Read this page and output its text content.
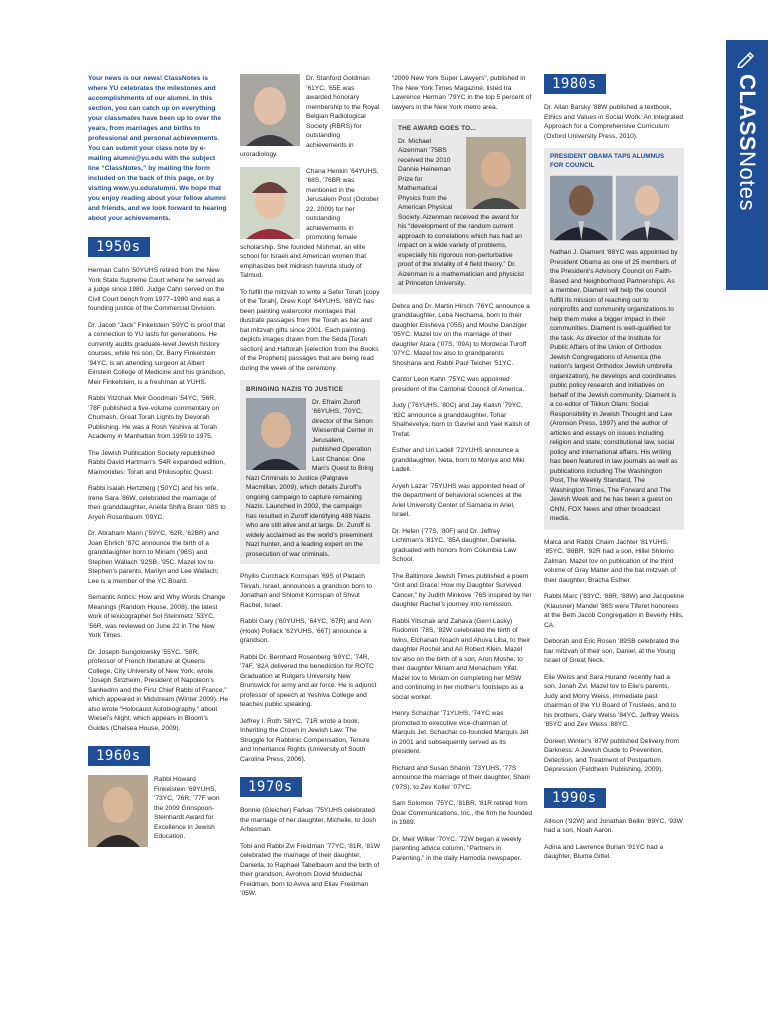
CLASSNotes

Your news is our news! ClassNotes is where YU celebrates the milestones and accomplishments of our alumni. In this section, you can catch up on everything your classmates have been up to over the years, from marriages and births to professional and personal achievements. You can submit your class note by e-mailing alumni@yu.edu with the subject line “ClassNotes,” by mailing the form included on the back of this page, or by visiting www.yu.edu/alumni. We hope that you enjoy reading about your fellow alumni and friends, and we look forward to hearing about your achievements.

1950s

Herman Cahn ’50YUHS retired from the New York State Supreme Court where he served as a judge since 1980. Judge Cahn served on the Civil Court bench from 1977–1980 and was a founding justice of the Commercial Division.

Dr. Jacob “Jack” Finkelstein ’59YC is proof that a connection to YU lasts for generations. He currently audits graduate-level Jewish history courses, while his son, Dr. Barry Finkelstein ’94YC, is an attending surgeon at Albert Einstein College of Medicine and his grandson, Meir Finkelstein, is a freshman at YUHS.

Rabbi Yitzchak Meir Goodman ’54YC, ’56R, ’78F published a five-volume commentary on Chumash, Great Torah Lights by Devorah Publishing. He was a Rosh Yeshiva at Torah Academy in Manhattan from 1959 to 1975.

The Jewish Publication Society republished Rabbi David Hartman’s ’54R expanded edition, Maimonides: Torah and Philosophic Quest.

Rabbi Isaiah Hertzberg (’50YC) and his wife, Irene Sara ’86W, celebrated the marriage of their granddaughter, Ariella Shifra Bram ’08S to Aryeh Rosenbaum ’09YC.

Dr. Abraham Mann (’59YC, ’62R, ’62BR) and Joan Ehrlich ’87C announce the birth of a granddaughter born to Miriam (’96S) and Stephen Wallach ’92SB, ’95C. Mazel tov to Stephen’s parents, Marilyn and Lee Wallach; Lee is a member of the YC Board.

Semantic Antics: How and Why Words Change Meanings (Random House, 2008), the latest work of lexicographer Sol Steinmetz ’53YC, ’56R, was reviewed on June 22 in The New York Times.

Dr. Joseph Sungolowsky ’55YC, ’58R, professor of French literature at Queens College, City University of New York, wrote “Joseph Sinzheim, President of Napoleon’s Sanhedrin and the First Chief Rabbi of France,” which appeared in Midstream (Winter 2009). He also wrote “Holocaust Autobiography,” about Wiesel’s Night, which appears in Bloom’s Guides (Chelsea House, 2009).

1960s

Rabbi Howard Finkelstein ’69YUHS, ’73YC, ’76R, ’77F won the 2009 Grinspoon-Steinhardt Award for Excellence in Jewish Education.

Dr. Stanford Goldman ’61YC, ’65E was awarded honorary membership to the Royal Belgian Radiological Society (RBRS) for outstanding achievements in uroradiology.

Chana Henkin ’64YUHS, ’68S, ’76BR was mentioned in the Jerusalem Post (October 22, 2009) for her outstanding achievements in promoting female scholarship. She founded Nishmat, an elite school for Israeli and American women that emphasizes beit midrash havruta study of Talmud.

To fulfill the mitzvah to write a Sefer Torah [copy of the Torah], Drew Kopf ’64YUHS, ’68YC has been painting watercolor montages that illustrate passages from the Torah as bar and bat mitzvah gifts since 2001. Each painting depicts images drawn from the Seda [Torah section] and Haftorah [selection from the Books of the Prophets] passages that are being read during the week of the ceremony.

BRINGING NAZIS TO JUSTICE

Dr. Efraim Zuroff ’66YUHS, ’70YC, director of the Simon Wiesenthal Center in Jerusalem, published Operation Last Chance: One Man’s Quest to Bring Nazi Criminals to Justice (Palgrave Macmillan, 2009), which details Zuroff’s ongoing campaign to capture remaining Nazis. Launched in 2002, the campaign has resulted in Zuroff identifying 488 Nazis who are still alive and at large. Dr. Zuroff is widely acclaimed as the world’s preeminent Nazi hunter, and a leading expert on the prosecution of war criminals.

Phyllis Curchack Kornspan ’69S of Pletach Tikvah, Israel, announces a grandson born to Jonathan and Shlomit Kornspan of Shvut Rachel, Israel.

Rabbi Gary (’60YUHS, ’64YC, ’67R) and Ann (Hook) Pollack ’62YUHS, ’66T) announce a grandson.

Rabbi Dr. Bernhard Rosenberg ’69YC, ’74R, ’74F, ’82A delivered the benediction for ROTC Graduation at Rutgers University New Brunswick for army and air force. He is adjunct professor of speech at Yeshiva College and teaches public speaking.

Jeffrey I. Roth ’58YC, ’71R wrote a book, Inheriting the Crown in Jewish Law: The Struggle for Rabbinic Compensation, Tenure and Inheritance Rights (University of South Carolina Press, 2006).

1970s

Bonnie (Gleicher) Farkas ’75YUHS celebrated the marriage of her daughter, Michelle, to Josh Arbesman.

Tobi and Rabbi Zvi Freidman ’77YC, ’81R, ’81W celebrated the marriage of their daughter, Daniella, to Raphael Tabelbaum and the birth of their grandson, Avrohom Dovid Moidechai Freidman, born to Aviva and Eliav Freidman ’05W.

“2009 New York Super Lawyers”, published in The New York Times Magazine, listed Ira Lawrence Herman ’79YC in the top 5 percent of lawyers in the New York metro area.

THE AWARD GOES TO...

Dr. Michael Aizenman ’75BS received the 2010 Dannie Heineman Prize for Mathematical Physics from the American Physical Society. Aizenman received the award for his “development of the random current approach to correlations which has had an impact on a wide variety of problems, especially his rigorous non-perturbative proof of the triviality of 4 field theory.” Dr. Aizenman is a mathematician and physicist at Princeton University.

Debra and Dr. Martin Hirsch ’76YC announce a granddaughter, Leba Nechama, born to their daughter Elisheva (’05S) and Moshe Danziger ’05YC. Mazel tov on the marriage of their daughter Atara (’07S, ’09A) to Mordecai Turoff ’07YC. Mazel tov also to grandparents Shoshana and Rabbi Paul Teicher ’51YC.

Cantor Leon Kahn ’75YC was appointed president of the Cantorial Council of America.

Judy (’76YUHS, ’80C) and Jay Kalish ’79YC, ’82C announce a granddaughter, Tohar Shalhevetya, born to Gavriel and Yael Kalish of Trefat.

Esther and Uri Ladell ’72YUHS announce a granddaughter, Neta, born to Moriya and Miki Ladell.

Aryeh Lazar ’75YUHS was appointed head of the department of behavioral sciences at the Ariel University Center of Samaria in Ariel, Israel.

Dr. Helen (’77S, ’80F) and Dr. Jeffrey Lichtman’s ’81YC, ’85A daughter, Daniella, graduated with honors from Columbia Law School.

The Baltimore Jewish Times published a poem “Grit and Grace: How my Daughter Survived Cancer,” by Judith Minkove ’76S inspired by her daughter Rachel’s journey into remission.

Rabbi Yitschak and Zahava (Gerri Lasky) Rudomin ’78S, ’82W celebrated the birth of twins, Elchanan Noach and Ahuva Liba, to their daughter Rochel and Ari Robert Klein. Mazel tov also on the birth of a son, Aron Moshe, to their daughter Miriam and Menachem Yifat. Mazel tov to Miriam on completing her MSW and continuing in her mother’s footsteps as a social worker.

Henry Schachar ’71YUHS, ’74YC was promoted to executive vice-chairman of Marquis Jet. Schachar co-founded Marquis Jet in 2001 and subsequently served as its president.

Richard and Susan Shanin ’73YUHS, ’77S announce the marriage of their daughter, Shani (’07S), to Zev Koller ’07YC.

Sam Solomon ’75YC, ’81BR, ’81R retired from Doar Communications, Inc., the firm he founded in 1989.

Dr. Meir Wilker ’70YC, ’72W began a weekly parenting advice column, “Partners in Parenting,” in the daily Hamodia newspaper.

1980s

Dr. Allan Barsky ’88W published a textbook, Ethics and Values in Social Work: An Integrated Approach for a Comprehensive Curriculum (Oxford University Press, 2010).

PRESIDENT OBAMA TAPS ALUMNUS FOR COUNCIL

Nathan J. Diament ’88YC was appointed by President Obama as one of 25 members of the President’s Advisory Council on Faith-Based and Neighborhood Partnerships. As a member, Diament will help the council fulfill its mission of reaching out to nonprofits and community organizations to help them make a bigger impact in their communities. Diament is well-qualified for the task. As director of the Institute for Public Affairs of the Union of Orthodox Jewish Congregations of America (the nation’s largest Orthodox Jewish umbrella organization), he develops and coordinates public policy research and initiatives on behalf of the Jewish community. Diament is a co-editor of Tikkun Olam: Social Responsibility in Jewish Thought and Law (Aronson Press, 1997) and the author of articles and essays on issues including religion and state, constitutional law, social policy and international affairs. His writing has been featured in law journals as well as publications including The Washington Post, The Weekly Standard, The Washington Times, The Forward and The Jewish Week and he has been a guest on CNN, FOX News and other broadcast media.

Malca and Rabbi Chaim Jachter ’81YUHS, ’85YC, ’88BR, ’92R had a son, Hillel Shlomo Zalman. Mazel tov on publication of the third volume of Gray Matter and the bat mitzvah of their daughter, Bracha Esther.

Rabbi Marc (’83YC, ’88R, ’88W) and Jacqueline (Klausner) Mandel ’86S were Tiferet honorees at the Beth Jacob Congregation in Beverly Hills, CA.

Deborah and Eric Rosen ’89SB celebrated the bar mitzvah of their son, Daniel, at the Young Israel of Great Neck.

Elie Weiss and Sara Hurand recently had a son, Jonah Zvi. Mazel tov to Elie’s parents, Judy and Morry Weiss, immediate past chairman of the YU Board of Trustees, and to his brothers, Gary Weiss ’84YC, Jeffrey Weiss ’85YC and Zev Weiss ’88YC.

Doreen Winter’s ’87W published Delivery from Darkness: A Jewish Guide to Prevention, Detection, and Treatment of Postpartum Depression (Feldheim Publishing, 2009).

1990s

Allison (’92W) and Jonathan Bellin ’89YC, ’93W had a son, Noah Aaron.

Adina and Lawrence Burian ’91YC had a daughter, Bluma Gittel.
